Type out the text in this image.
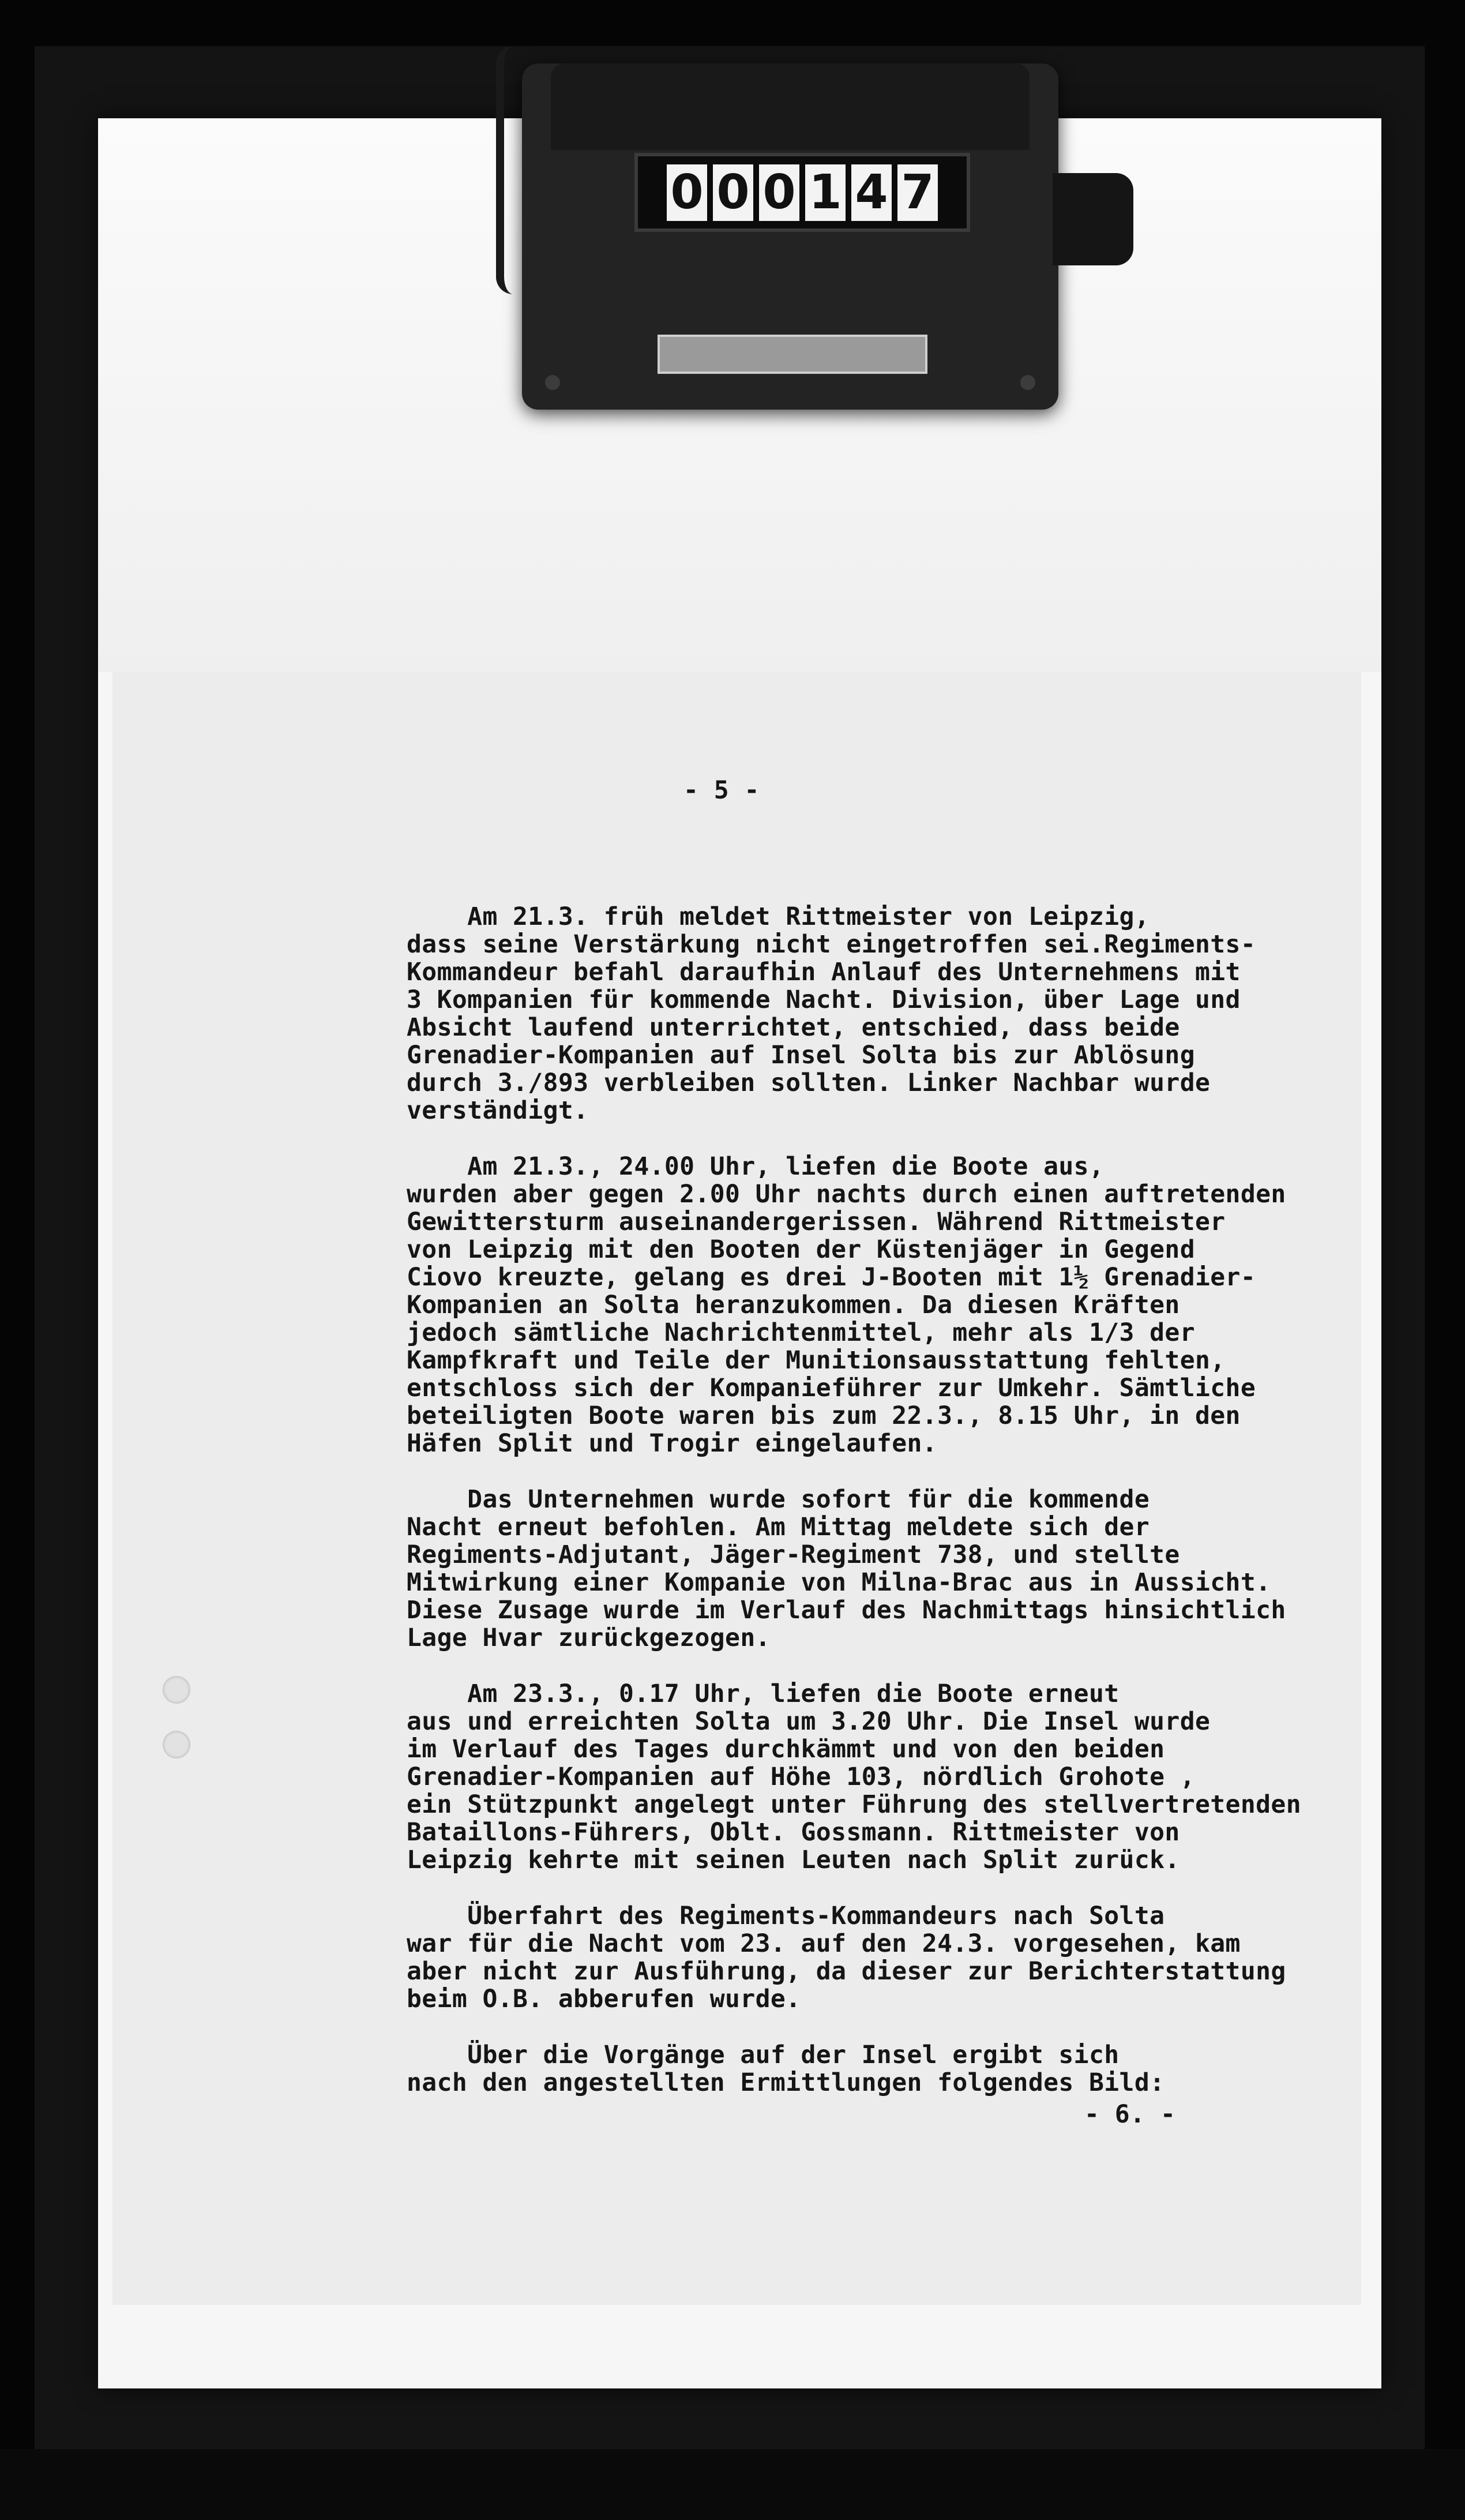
0 0 0 1 4 7
- 5 -
Am 21.3. früh meldet Rittmeister von Leipzig,
dass seine Verstärkung nicht eingetroffen sei.Regiments-
Kommandeur befahl daraufhin Anlauf des Unternehmens mit
3 Kompanien für kommende Nacht. Division, über Lage und
Absicht laufend unterrichtet, entschied, dass beide
Grenadier-Kompanien auf Insel Solta bis zur Ablösung
durch 3./893 verbleiben sollten. Linker Nachbar wurde
verständigt.
Am 21.3., 24.00 Uhr, liefen die Boote aus,
wurden aber gegen 2.00 Uhr nachts durch einen auftretenden
Gewittersturm auseinandergerissen. Während Rittmeister
von Leipzig mit den Booten der Küstenjäger in Gegend
Ciovo kreuzte, gelang es drei J-Booten mit 1½ Grenadier-
Kompanien an Solta heranzukommen. Da diesen Kräften
jedoch sämtliche Nachrichtenmittel, mehr als 1/3 der
Kampfkraft und Teile der Munitionsausstattung fehlten,
entschloss sich der Kompanieführer zur Umkehr. Sämtliche
beteiligten Boote waren bis zum 22.3., 8.15 Uhr, in den
Häfen Split und Trogir eingelaufen.
Das Unternehmen wurde sofort für die kommende
Nacht erneut befohlen. Am Mittag meldete sich der
Regiments-Adjutant, Jäger-Regiment 738, und stellte
Mitwirkung einer Kompanie von Milna-Brac aus in Aussicht.
Diese Zusage wurde im Verlauf des Nachmittags hinsichtlich
Lage Hvar zurückgezogen.
Am 23.3., 0.17 Uhr, liefen die Boote erneut
aus und erreichten Solta um 3.20 Uhr. Die Insel wurde
im Verlauf des Tages durchkämmt und von den beiden
Grenadier-Kompanien auf Höhe 103, nördlich Grohote ,
ein Stützpunkt angelegt unter Führung des stellvertretenden
Bataillons-Führers, Oblt. Gossmann. Rittmeister von
Leipzig kehrte mit seinen Leuten nach Split zurück.
Überfahrt des Regiments-Kommandeurs nach Solta
war für die Nacht vom 23. auf den 24.3. vorgesehen, kam
aber nicht zur Ausführung, da dieser zur Berichterstattung
beim O.B. abberufen wurde.
Über die Vorgänge auf der Insel ergibt sich
nach den angestellten Ermittlungen folgendes Bild:
- 6. -
